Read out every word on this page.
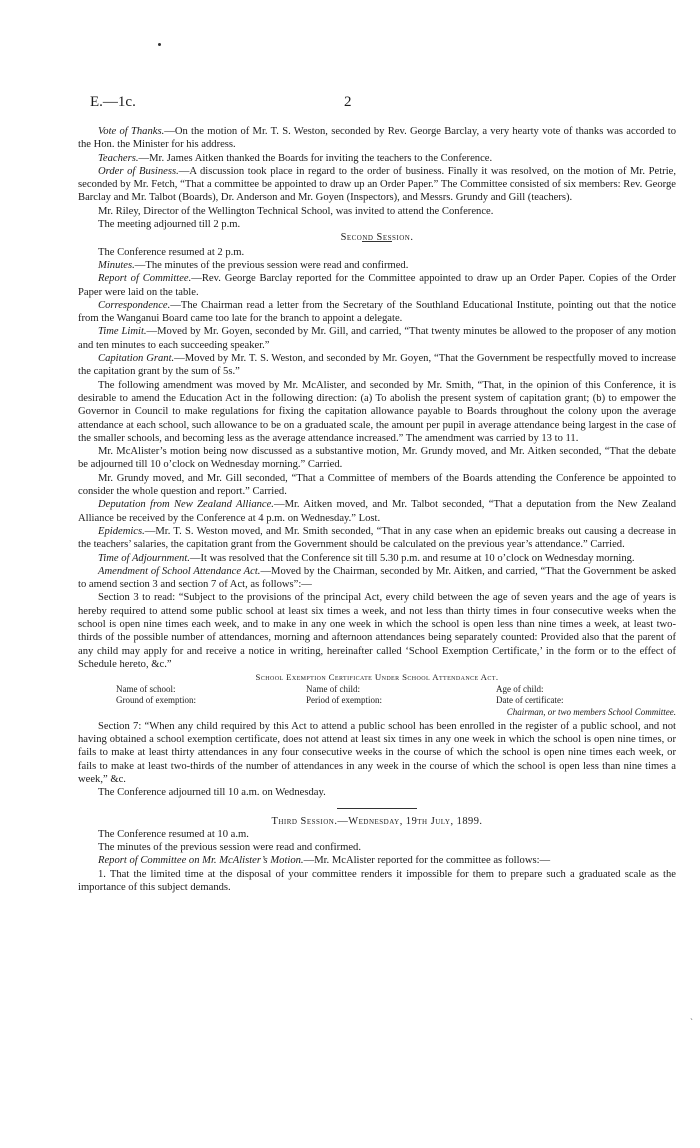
ˏ
E.—1c.	2

Vote of Thanks.—On the motion of Mr. T. S. Weston, seconded by Rev. George Barclay, a very hearty vote of thanks was accorded to the Hon. the Minister for his address.

Teachers.—Mr. James Aitken thanked the Boards for inviting the teachers to the Conference.

Order of Business.—A discussion took place in regard to the order of business. Finally it was resolved, on the motion of Mr. Petrie, seconded by Mr. Fetch, “That a committee be appointed to draw up an Order Paper.” The Committee consisted of six members: Rev. George Barclay and Mr. Talbot (Boards), Dr. Anderson and Mr. Goyen (Inspectors), and Messrs. Grundy and Gill (teachers).

Mr. Riley, Director of the Wellington Technical School, was invited to attend the Conference.

The meeting adjourned till 2 p.m.

Second Session.

The Conference resumed at 2 p.m.

Minutes.—The minutes of the previous session were read and confirmed.

Report of Committee.—Rev. George Barclay reported for the Committee appointed to draw up an Order Paper. Copies of the Order Paper were laid on the table.

Correspondence.—The Chairman read a letter from the Secretary of the Southland Educational Institute, pointing out that the notice from the Wanganui Board came too late for the branch to appoint a delegate.

Time Limit.—Moved by Mr. Goyen, seconded by Mr. Gill, and carried, “That twenty minutes be allowed to the proposer of any motion and ten minutes to each succeeding speaker.”

Capitation Grant.—Moved by Mr. T. S. Weston, and seconded by Mr. Goyen, “That the Government be respectfully moved to increase the capitation grant by the sum of 5s.”

The following amendment was moved by Mr. McAlister, and seconded by Mr. Smith, “That, in the opinion of this Conference, it is desirable to amend the Education Act in the following direction: (a) To abolish the present system of capitation grant; (b) to empower the Governor in Council to make regulations for fixing the capitation allowance payable to Boards throughout the colony upon the average attendance at each school, such allowance to be on a graduated scale, the amount per pupil in average attendance being largest in the case of the smaller schools, and becoming less as the average attendance increased.” The amendment was carried by 13 to 11.

Mr. McAlister’s motion being now discussed as a substantive motion, Mr. Grundy moved, and Mr. Aitken seconded, “That the debate be adjourned till 10 o’clock on Wednesday morning.” Carried.

Mr. Grundy moved, and Mr. Gill seconded, “That a Committee of members of the Boards attending the Conference be appointed to consider the whole question and report.” Carried.

Deputation from New Zealand Alliance.—Mr. Aitken moved, and Mr. Talbot seconded, “That a deputation from the New Zealand Alliance be received by the Conference at 4 p.m. on Wednesday.” Lost.

Epidemics.—Mr. T. S. Weston moved, and Mr. Smith seconded, “That in any case when an epidemic breaks out causing a decrease in the teachers’ salaries, the capitation grant from the Government should be calculated on the previous year’s attendance.” Carried.

Time of Adjournment.—It was resolved that the Conference sit till 5.30 p.m. and resume at 10 o’clock on Wednesday morning.

Amendment of School Attendance Act.—Moved by the Chairman, seconded by Mr. Aitken, and carried, “That the Government be asked to amend section 3 and section 7 of Act, as follows”:—

Section 3 to read: “Subject to the provisions of the principal Act, every child between the age of seven years and the age of years is hereby required to attend some public school at least six times a week, and not less than thirty times in four consecutive weeks when the school is open nine times each week, and to make in any one week in which the school is open less than nine times a week, at least two-thirds of the possible number of attendances, morning and afternoon attendances being separately counted: Provided also that the parent of any child may apply for and receive a notice in writing, hereinafter called ‘School Exemption Certificate,’ in the form or to the effect of Schedule hereto, &c.”

School Exemption Certificate Under School Attendance Act.

Name of school:	Name of child:	Age of child:
Ground of exemption:	Period of exemption:	Date of certificate:

Chairman, or two members School Committee.

Section 7: “When any child required by this Act to attend a public school has been enrolled in the register of a public school, and not having obtained a school exemption certificate, does not attend at least six times in any one week in which the school is open nine times, or fails to make at least thirty attendances in any four consecutive weeks in the course of which the school is open nine times each week, or fails to make at least two-thirds of the number of attendances in any week in the course of which the school is open less than nine times a week,” &c.

The Conference adjourned till 10 a.m. on Wednesday.

Third Session.—Wednesday, 19th July, 1899.

The Conference resumed at 10 a.m.

The minutes of the previous session were read and confirmed.

Report of Committee on Mr. McAlister’s Motion.—Mr. McAlister reported for the committee as follows:—

1. That the limited time at the disposal of your committee renders it impossible for them to prepare such a graduated scale as the importance of this subject demands.
